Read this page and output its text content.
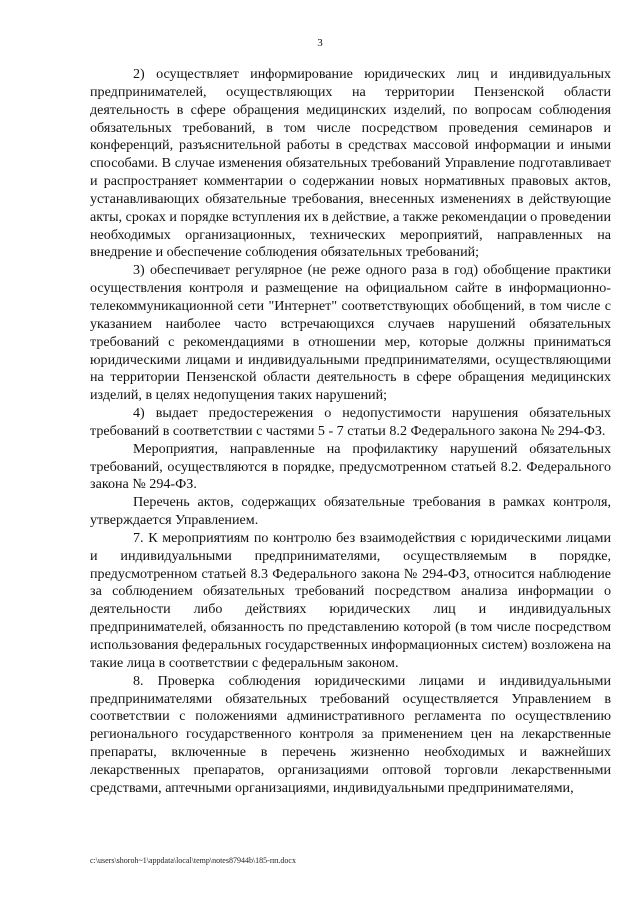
3

2) осуществляет информирование юридических лиц и индивидуальных предпринимателей, осуществляющих на территории Пензенской области деятельность в сфере обращения медицинских изделий, по вопросам соблюдения обязательных требований, в том числе посредством проведения семинаров и конференций, разъяснительной работы в средствах массовой информации и иными способами. В случае изменения обязательных требований Управление подготавливает и распространяет комментарии о содержании новых нормативных правовых актов, устанавливающих обязательные требования, внесенных изменениях в действующие акты, сроках и порядке вступления их в действие, а также рекомендации о проведении необходимых организационных, технических мероприятий, направленных на внедрение и обеспечение соблюдения обязательных требований;

3) обеспечивает регулярное (не реже одного раза в год) обобщение практики осуществления контроля и размещение на официальном сайте в информационно-телекоммуникационной сети "Интернет" соответствующих обобщений, в том числе с указанием наиболее часто встречающихся случаев нарушений обязательных требований с рекомендациями в отношении мер, которые должны приниматься юридическими лицами и индивидуальными предпринимателями, осуществляющими на территории Пензенской области деятельность в сфере обращения медицинских изделий, в целях недопущения таких нарушений;

4) выдает предостережения о недопустимости нарушения обязательных требований в соответствии с частями 5 - 7 статьи 8.2 Федерального закона № 294-ФЗ.

Мероприятия, направленные на профилактику нарушений обязательных требований, осуществляются в порядке, предусмотренном статьей 8.2. Федерального закона № 294-ФЗ.

Перечень актов, содержащих обязательные требования в рамках контроля, утверждается Управлением.

7. К мероприятиям по контролю без взаимодействия с юридическими лицами и индивидуальными предпринимателями, осуществляемым в порядке, предусмотренном статьей 8.3 Федерального закона № 294-ФЗ, относится наблюдение за соблюдением обязательных требований посредством анализа информации о деятельности либо действиях юридических лиц и индивидуальных предпринимателей, обязанность по представлению которой (в том числе посредством использования федеральных государственных информационных систем) возложена на такие лица в соответствии с федеральным законом.

8. Проверка соблюдения юридическими лицами и индивидуальными предпринимателями обязательных требований осуществляется Управлением в соответствии с положениями административного регламента по осуществлению регионального государственного контроля за применением цен на лекарственные препараты, включенные в перечень жизненно необходимых и важнейших лекарственных препаратов, организациями оптовой торговли лекарственными средствами, аптечными организациями, индивидуальными предпринимателями,

c:\users\shoroh~1\appdata\local\temp\notes87944b\185-пп.docx
